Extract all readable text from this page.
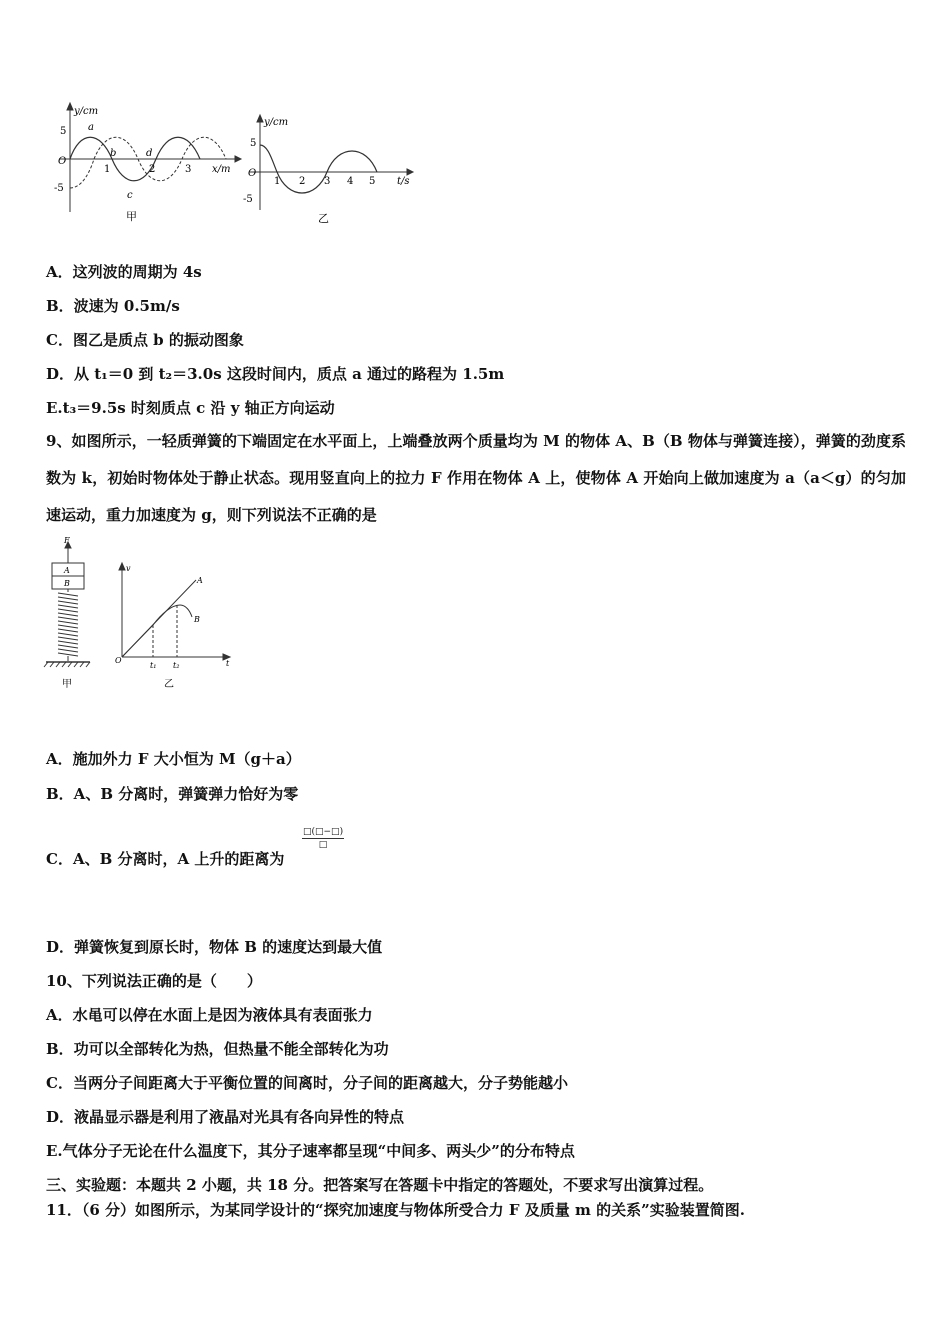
y/cm
5
-5
O
x/m
1	2	3
a
b
c
d
甲
y/cm
5
-5
O
1 2 3 4 5 t/s
乙
A．这列波的周期为 4s
B．波速为 0.5m/s
C．图乙是质点 b 的振动图象
D．从 t₁＝0 到 t₂＝3.0s 这段时间内，质点 a 通过的路程为 1.5m
E.t₃＝9.5s 时刻质点 c 沿 y 轴正方向运动
9、如图所示，一轻质弹簧的下端固定在水平面上，上端叠放两个质量均为 M 的物体 A、B（B 物体与弹簧连接），弹簧的劲度系数为 k，初始时物体处于静止状态。现用竖直向上的拉力 F 作用在物体 A 上，使物体 A 开始向上做加速度为 a（a＜g）的匀加速运动，重力加速度为 g，则下列说法不正确的是
F
A
B
甲
v
t
O
t₁ t₂
A
B
乙
A．施加外力 F 大小恒为 M（g＋a）
B．A、B 分离时，弹簧弹力恰好为零
C．A、B 分离时，A 上升的距离为
□(□−□)
□
D．弹簧恢复到原长时，物体 B 的速度达到最大值
10、下列说法正确的是（　　）
A．水黾可以停在水面上是因为液体具有表面张力
B．功可以全部转化为热，但热量不能全部转化为功
C．当两分子间距离大于平衡位置的间离时，分子间的距离越大，分子势能越小
D．液晶显示器是利用了液晶对光具有各向异性的特点
E.气体分子无论在什么温度下，其分子速率都呈现“中间多、两头少”的分布特点
三、实验题：本题共 2 小题，共 18 分。把答案写在答题卡中指定的答题处，不要求写出演算过程。
11．（6 分）如图所示，为某同学设计的“探究加速度与物体所受合力 F 及质量 m 的关系”实验装置简图.
